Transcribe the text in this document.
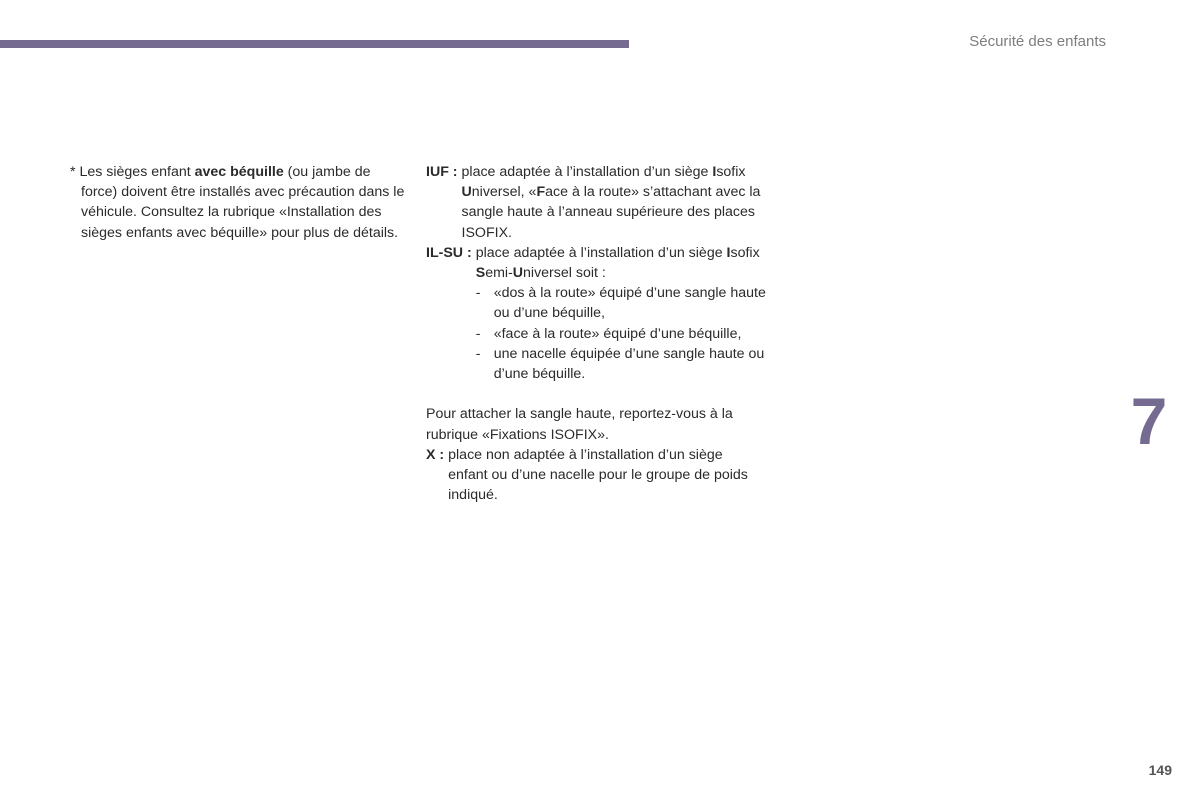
Sécurité des enfants
* Les sièges enfant avec béquille (ou jambe de force) doivent être installés avec précaution dans le véhicule. Consultez la rubrique «Installation des sièges enfants avec béquille» pour plus de détails.
IUF : place adaptée à l’installation d’un siège Isofix Universel, «Face à la route» s’attachant avec la sangle haute à l’anneau supérieure des places ISOFIX.
IL-SU : place adaptée à l’installation d’un siège Isofix Semi-Universel soit :
- «dos à la route» équipé d’une sangle haute ou d’une béquille,
- «face à la route» équipé d’une béquille,
- une nacelle équipée d’une sangle haute ou d’une béquille.
Pour attacher la sangle haute, reportez-vous à la rubrique «Fixations ISOFIX».
X : place non adaptée à l’installation d’un siège enfant ou d’une nacelle pour le groupe de poids indiqué.
7
149
